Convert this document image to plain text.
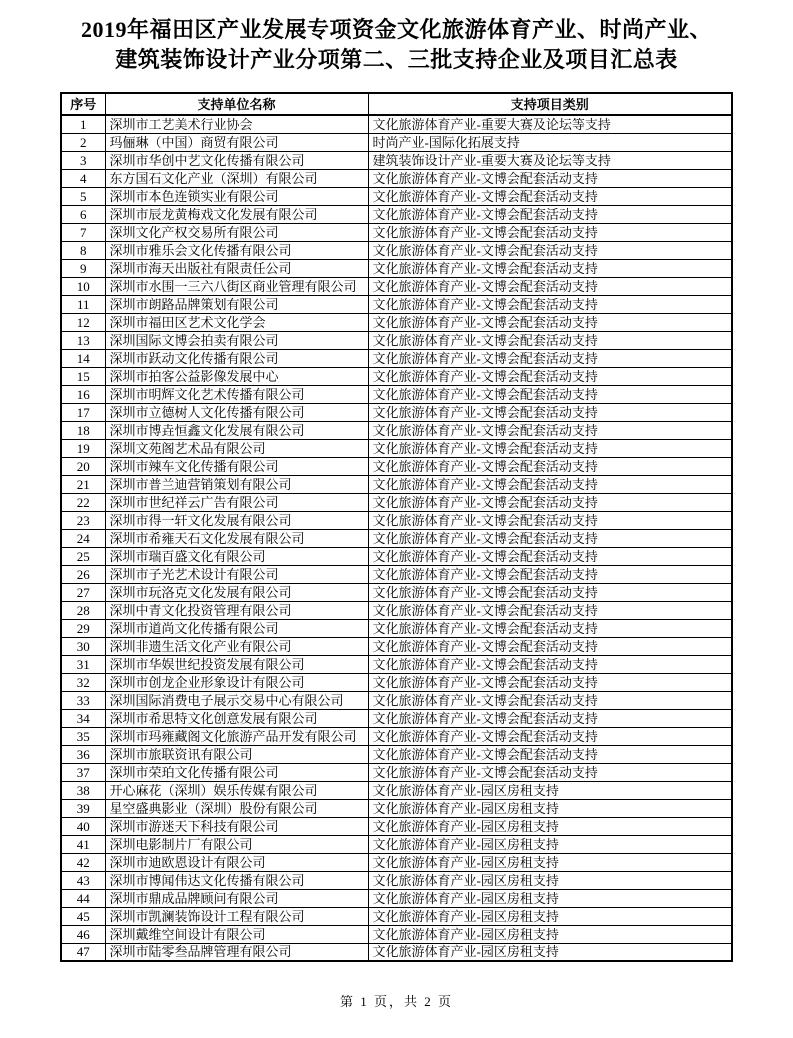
2019年福田区产业发展专项资金文化旅游体育产业、时尚产业、
建筑装饰设计产业分项第二、三批支持企业及项目汇总表
序号	支持单位名称	支持项目类别
1	深圳市工艺美术行业协会	文化旅游体育产业-重要大赛及论坛等支持
2	玛俪琳（中国）商贸有限公司	时尚产业-国际化拓展支持
3	深圳市华创中艺文化传播有限公司	建筑装饰设计产业-重要大赛及论坛等支持
4	东方国石文化产业（深圳）有限公司	文化旅游体育产业-文博会配套活动支持
5	深圳市本色连锁实业有限公司	文化旅游体育产业-文博会配套活动支持
6	深圳市辰龙黄梅戏文化发展有限公司	文化旅游体育产业-文博会配套活动支持
7	深圳文化产权交易所有限公司	文化旅游体育产业-文博会配套活动支持
8	深圳市雅乐会文化传播有限公司	文化旅游体育产业-文博会配套活动支持
9	深圳市海天出版社有限责任公司	文化旅游体育产业-文博会配套活动支持
10	深圳市水围一三六八街区商业管理有限公司	文化旅游体育产业-文博会配套活动支持
11	深圳市朗路品牌策划有限公司	文化旅游体育产业-文博会配套活动支持
12	深圳市福田区艺术文化学会	文化旅游体育产业-文博会配套活动支持
13	深圳国际文博会拍卖有限公司	文化旅游体育产业-文博会配套活动支持
14	深圳市跃动文化传播有限公司	文化旅游体育产业-文博会配套活动支持
15	深圳市拍客公益影像发展中心	文化旅游体育产业-文博会配套活动支持
16	深圳市明辉文化艺术传播有限公司	文化旅游体育产业-文博会配套活动支持
17	深圳市立德树人文化传播有限公司	文化旅游体育产业-文博会配套活动支持
18	深圳市博垚恒鑫文化发展有限公司	文化旅游体育产业-文博会配套活动支持
19	深圳文苑阁艺术品有限公司	文化旅游体育产业-文博会配套活动支持
20	深圳市辣车文化传播有限公司	文化旅游体育产业-文博会配套活动支持
21	深圳市普兰迪营销策划有限公司	文化旅游体育产业-文博会配套活动支持
22	深圳市世纪祥云广告有限公司	文化旅游体育产业-文博会配套活动支持
23	深圳市得一轩文化发展有限公司	文化旅游体育产业-文博会配套活动支持
24	深圳市希雍天石文化发展有限公司	文化旅游体育产业-文博会配套活动支持
25	深圳市瑞百盛文化有限公司	文化旅游体育产业-文博会配套活动支持
26	深圳市子光艺术设计有限公司	文化旅游体育产业-文博会配套活动支持
27	深圳市玩洛克文化发展有限公司	文化旅游体育产业-文博会配套活动支持
28	深圳中青文化投资管理有限公司	文化旅游体育产业-文博会配套活动支持
29	深圳市道尚文化传播有限公司	文化旅游体育产业-文博会配套活动支持
30	深圳非遗生活文化产业有限公司	文化旅游体育产业-文博会配套活动支持
31	深圳市华娱世纪投资发展有限公司	文化旅游体育产业-文博会配套活动支持
32	深圳市创龙企业形象设计有限公司	文化旅游体育产业-文博会配套活动支持
33	深圳国际消费电子展示交易中心有限公司	文化旅游体育产业-文博会配套活动支持
34	深圳市希思特文化创意发展有限公司	文化旅游体育产业-文博会配套活动支持
35	深圳市玛雍藏阁文化旅游产品开发有限公司	文化旅游体育产业-文博会配套活动支持
36	深圳市旅联资讯有限公司	文化旅游体育产业-文博会配套活动支持
37	深圳市荣珀文化传播有限公司	文化旅游体育产业-文博会配套活动支持
38	开心麻花（深圳）娱乐传媒有限公司	文化旅游体育产业-园区房租支持
39	星空盛典影业（深圳）股份有限公司	文化旅游体育产业-园区房租支持
40	深圳市游迷天下科技有限公司	文化旅游体育产业-园区房租支持
41	深圳电影制片厂有限公司	文化旅游体育产业-园区房租支持
42	深圳市迪欧恩设计有限公司	文化旅游体育产业-园区房租支持
43	深圳市博闻伟达文化传播有限公司	文化旅游体育产业-园区房租支持
44	深圳市鼎成品牌顾问有限公司	文化旅游体育产业-园区房租支持
45	深圳市凯澜装饰设计工程有限公司	文化旅游体育产业-园区房租支持
46	深圳戴维空间设计有限公司	文化旅游体育产业-园区房租支持
47	深圳市陆零叁品牌管理有限公司	文化旅游体育产业-园区房租支持
第 1 页，共 2 页
